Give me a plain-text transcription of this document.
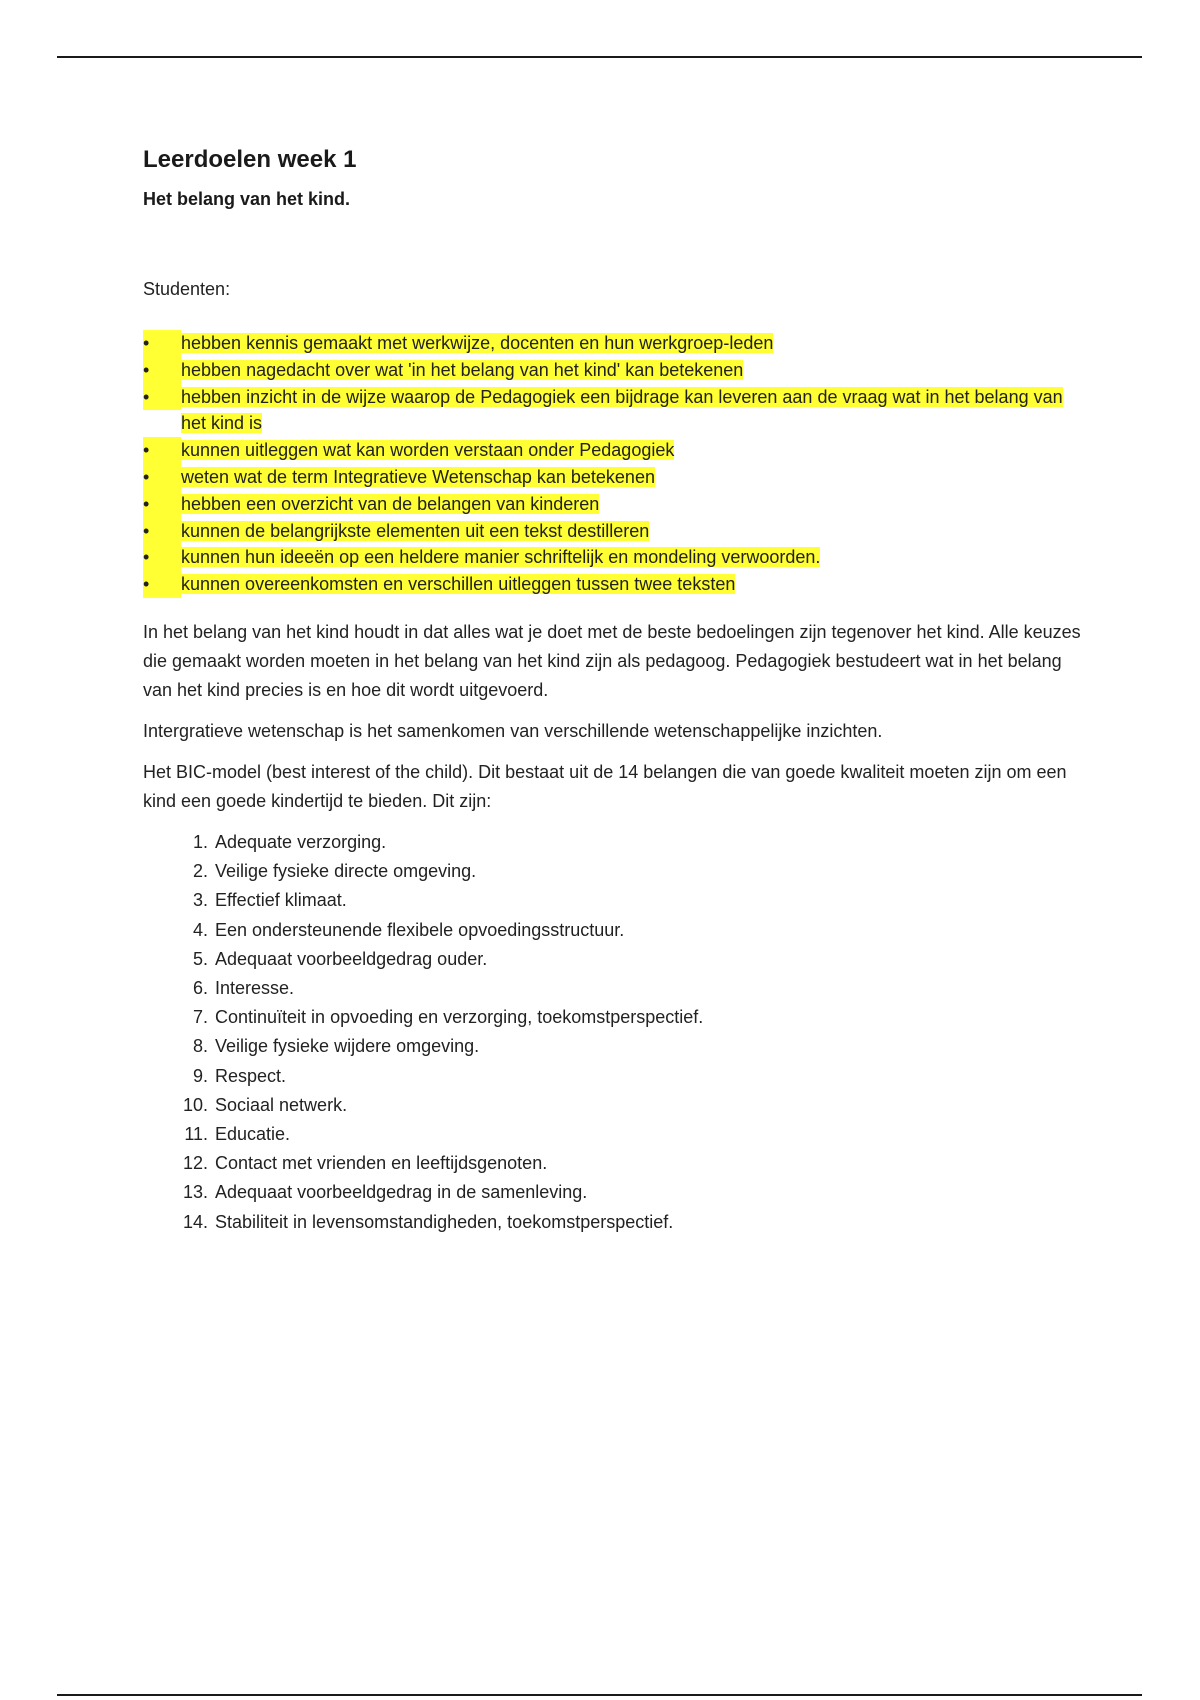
Leerdoelen week 1

Het belang van het kind.

Studenten:

•	hebben kennis gemaakt met werkwijze, docenten en hun werkgroep-leden
•	hebben nagedacht over wat 'in het belang van het kind' kan betekenen
•	hebben inzicht in de wijze waarop de Pedagogiek een bijdrage kan leveren aan de vraag wat in het belang van het kind is
•	kunnen uitleggen wat kan worden verstaan onder Pedagogiek
•	weten wat de term Integratieve Wetenschap kan betekenen
•	hebben een overzicht van de belangen van kinderen
•	kunnen de belangrijkste elementen uit een tekst destilleren
•	kunnen hun ideeën op een heldere manier schriftelijk en mondeling verwoorden.
•	kunnen overeenkomsten en verschillen uitleggen tussen twee teksten

In het belang van het kind houdt in dat alles wat je doet met de beste bedoelingen zijn tegenover het kind. Alle keuzes die gemaakt worden moeten in het belang van het kind zijn als pedagoog. Pedagogiek bestudeert wat in het belang van het kind precies is en hoe dit wordt uitgevoerd.

Intergratieve wetenschap is het samenkomen van verschillende wetenschappelijke inzichten.

Het BIC-model (best interest of the child). Dit bestaat uit de 14 belangen die van goede kwaliteit moeten zijn om een kind een goede kindertijd te bieden. Dit zijn:

1. Adequate verzorging.
2. Veilige fysieke directe omgeving.
3. Effectief klimaat.
4. Een ondersteunende flexibele opvoedingsstructuur.
5. Adequaat voorbeeldgedrag ouder.
6. Interesse.
7. Continuïteit in opvoeding en verzorging, toekomstperspectief.
8. Veilige fysieke wijdere omgeving.
9. Respect.
10. Sociaal netwerk.
11. Educatie.
12. Contact met vrienden en leeftijdsgenoten.
13. Adequaat voorbeeldgedrag in de samenleving.
14. Stabiliteit in levensomstandigheden, toekomstperspectief.
